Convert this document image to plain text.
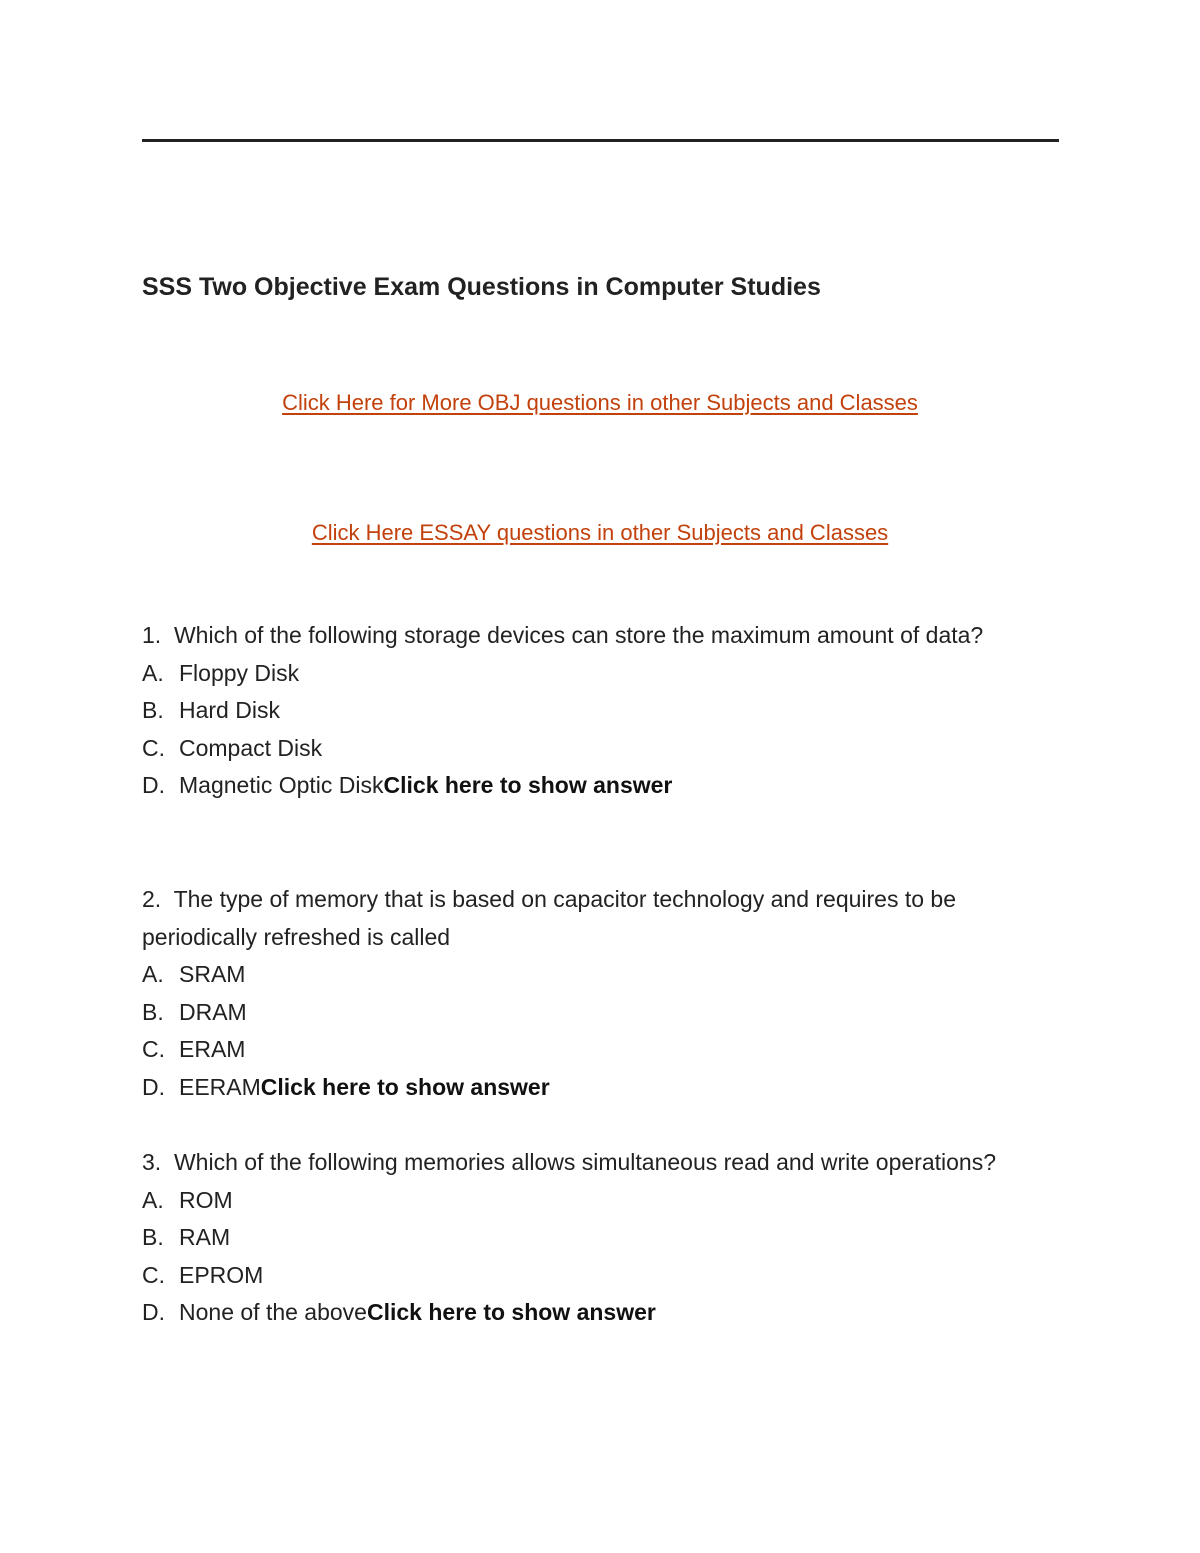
SSS Two Objective Exam Questions in Computer Studies
Click Here for More OBJ questions in other Subjects and Classes
Click Here ESSAY questions in other Subjects and Classes

1. Which of the following storage devices can store the maximum amount of data?

A. Floppy Disk

B. Hard Disk

C. Compact Disk

D. Magnetic Optic DiskClick here to show answer

2. The type of memory that is based on capacitor technology and requires to be periodically refreshed is called

A. SRAM

B. DRAM

C. ERAM

D. EERAMClick here to show answer

3. Which of the following memories allows simultaneous read and write operations?

A. ROM

B. RAM

C. EPROM

D. None of the aboveClick here to show answer
